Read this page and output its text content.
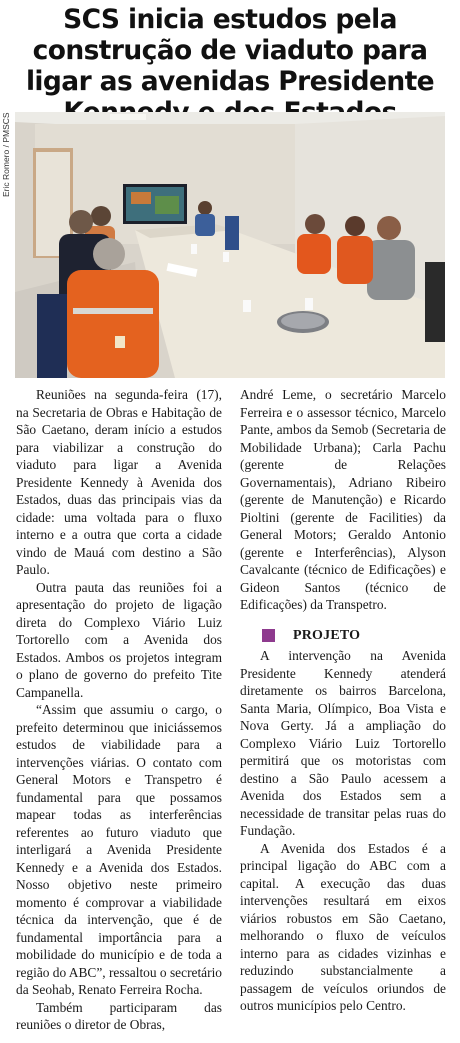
SCS inicia estudos pela construção de viaduto para ligar as avenidas Presidente
Eric Romero / PMSCS

Reuniões na segunda-feira (17), na Secretaria de Obras e Habitação de São Caetano, deram início a estudos para viabilizar a construção do viaduto para ligar a Avenida Presidente Kennedy à Avenida dos Estados, duas das principais vias da cidade: uma voltada para o fluxo interno e a outra que corta a cidade vindo de Mauá com destino a São Paulo.

Outra pauta das reuniões foi a apresentação do projeto de ligação direta do Complexo Viário Luiz Tortorello com a Avenida dos Estados. Ambos os projetos integram o plano de governo do prefeito Tite Campanella.

“Assim que assumiu o cargo, o prefeito determinou que iniciássemos estudos de viabilidade para a intervenções viárias. O contato com General Motors e Transpetro é fundamental para que possamos mapear todas as interferências referentes ao futuro viaduto que interligará a Avenida Presidente Kennedy e a Avenida dos Estados. Nosso objetivo neste primeiro momento é comprovar a viabilidade técnica da intervenção, que é de fundamental importância para a mobilidade do município e de toda a região do ABC”, ressaltou o secretário da Seohab, Renato Ferreira Rocha.

Também participaram das reuniões o diretor de Obras,

André Leme, o secretário Marcelo Ferreira e o assessor técnico, Marcelo Pante, ambos da Semob (Secretaria de Mobilidade Urbana); Carla Pachu (gerente de Relações Governamentais), Adriano Ribeiro (gerente de Manutenção) e Ricardo Pioltini (gerente de Facilities) da General Motors; Geraldo Antonio (gerente e Interferências), Alyson Cavalcante (técnico de Edificações) e Gideon Santos (técnico de Edificações) da Transpetro.

PROJETO

A intervenção na Avenida Presidente Kennedy atenderá diretamente os bairros Barcelona, Santa Maria, Olímpico, Boa Vista e Nova Gerty. Já a ampliação do Complexo Viário Luiz Tortorello permitirá que os motoristas com destino a São Paulo acessem a Avenida dos Estados sem a necessidade de transitar pelas ruas do Fundação.

A Avenida dos Estados é a principal ligação do ABC com a capital. A execução das duas intervenções resultará em eixos viários robustos em São Caetano, melhorando o fluxo de veículos interno para as cidades vizinhas e reduzindo substancialmente a passagem de veículos oriundos de outros municípios pelo Centro.
